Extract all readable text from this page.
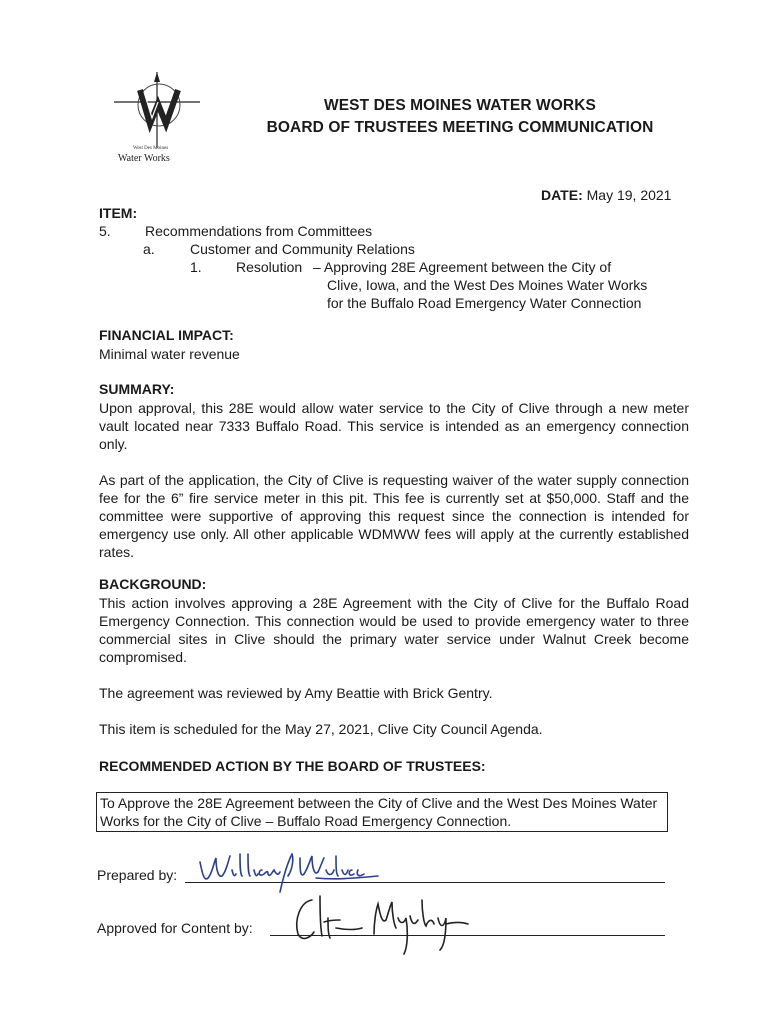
West Des Moines
Water Works
WEST DES MOINES WATER WORKS
BOARD OF TRUSTEES MEETING COMMUNICATION
DATE: May 19, 2021
ITEM:
5. Recommendations from Committees
a.	Customer and Community Relations
1. Resolution – Approving 28E Agreement between the City of
Clive, Iowa, and the West Des Moines Water Works
for the Buffalo Road Emergency Water Connection
FINANCIAL IMPACT:
Minimal water revenue
SUMMARY:
Upon approval, this 28E would allow water service to the City of Clive through a new meter vault located near 7333 Buffalo Road. This service is intended as an emergency connection only.
As part of the application, the City of Clive is requesting waiver of the water supply connection fee for the 6” fire service meter in this pit. This fee is currently set at $50,000. Staff and the committee were supportive of approving this request since the connection is intended for emergency use only. All other applicable WDMWW fees will apply at the currently established rates.
BACKGROUND:
This action involves approving a 28E Agreement with the City of Clive for the Buffalo Road Emergency Connection. This connection would be used to provide emergency water to three commercial sites in Clive should the primary water service under Walnut Creek become compromised.
The agreement was reviewed by Amy Beattie with Brick Gentry.
This item is scheduled for the May 27, 2021, Clive City Council Agenda.
RECOMMENDED ACTION BY THE BOARD OF TRUSTEES:
To Approve the 28E Agreement between the City of Clive and the West Des Moines Water Works for the City of Clive – Buffalo Road Emergency Connection.
Prepared by:
Approved for Content by:
